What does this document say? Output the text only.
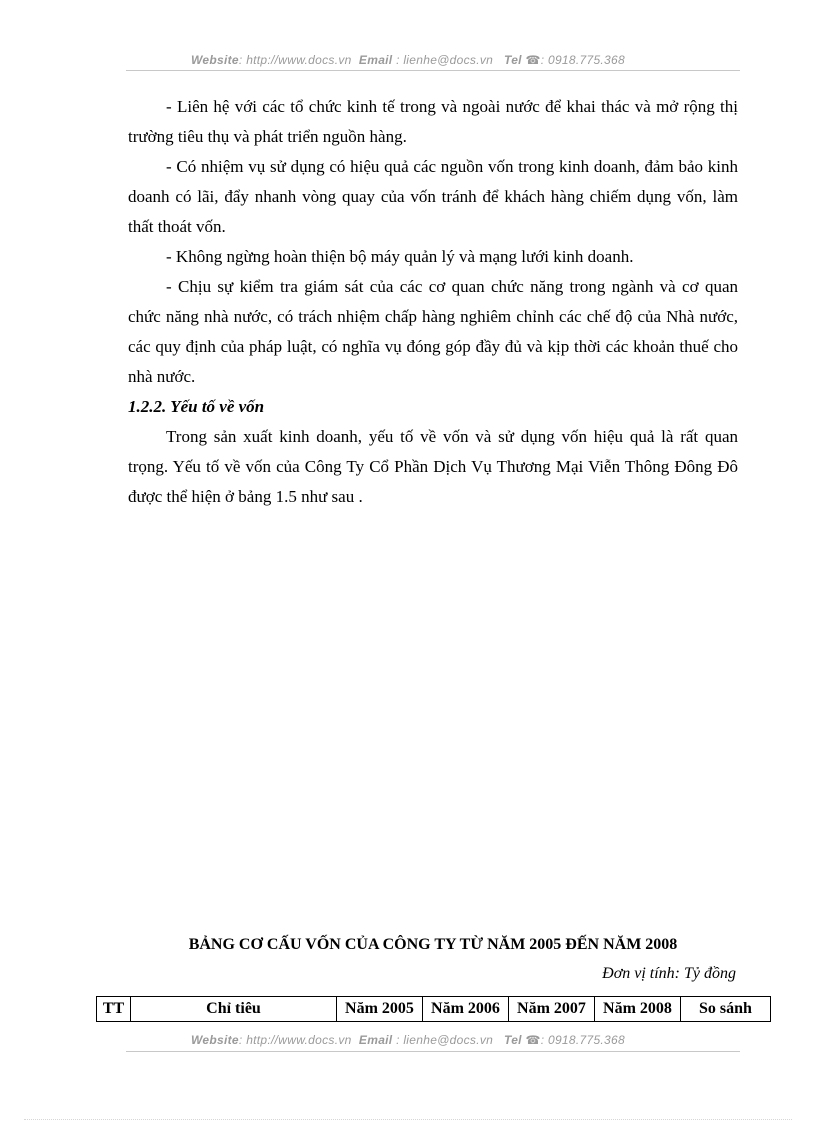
Website: http://www.docs.vn Email : lienhe@docs.vn Tel ☎: 0918.775.368

- Liên hệ với các tổ chức kinh tế trong và ngoài nước để khai thác và mở rộng thị trường tiêu thụ và phát triển nguồn hàng.

- Có nhiệm vụ sử dụng có hiệu quả các nguồn vốn trong kinh doanh, đảm bảo kinh doanh có lãi, đẩy nhanh vòng quay của vốn tránh để khách hàng chiếm dụng vốn, làm thất thoát vốn.

- Không ngừng hoàn thiện bộ máy quản lý và mạng lưới kinh doanh.

- Chịu sự kiểm tra giám sát của các cơ quan chức năng trong ngành và cơ quan chức năng nhà nước, có trách nhiệm chấp hàng nghiêm chỉnh các chế độ của Nhà nước, các quy định của pháp luật, có nghĩa vụ đóng góp đầy đủ và kịp thời các khoản thuế cho nhà nước.

1.2.2. Yếu tố về vốn

Trong sản xuất kinh doanh, yếu tố về vốn và sử dụng vốn hiệu quả là rất quan trọng. Yếu tố về vốn của Công Ty Cổ Phần Dịch Vụ Thương Mại Viễn Thông Đông Đô được thể hiện ở bảng 1.5 như sau .

BẢNG CƠ CẤU VỐN CỦA CÔNG TY TỪ NĂM 2005 ĐẾN NĂM 2008
Đơn vị tính: Tỷ đồng
TT	Chỉ tiêu	Năm 2005	Năm 2006	Năm 2007	Năm 2008	So sánh
Website: http://www.docs.vn Email : lienhe@docs.vn Tel ☎: 0918.775.368
